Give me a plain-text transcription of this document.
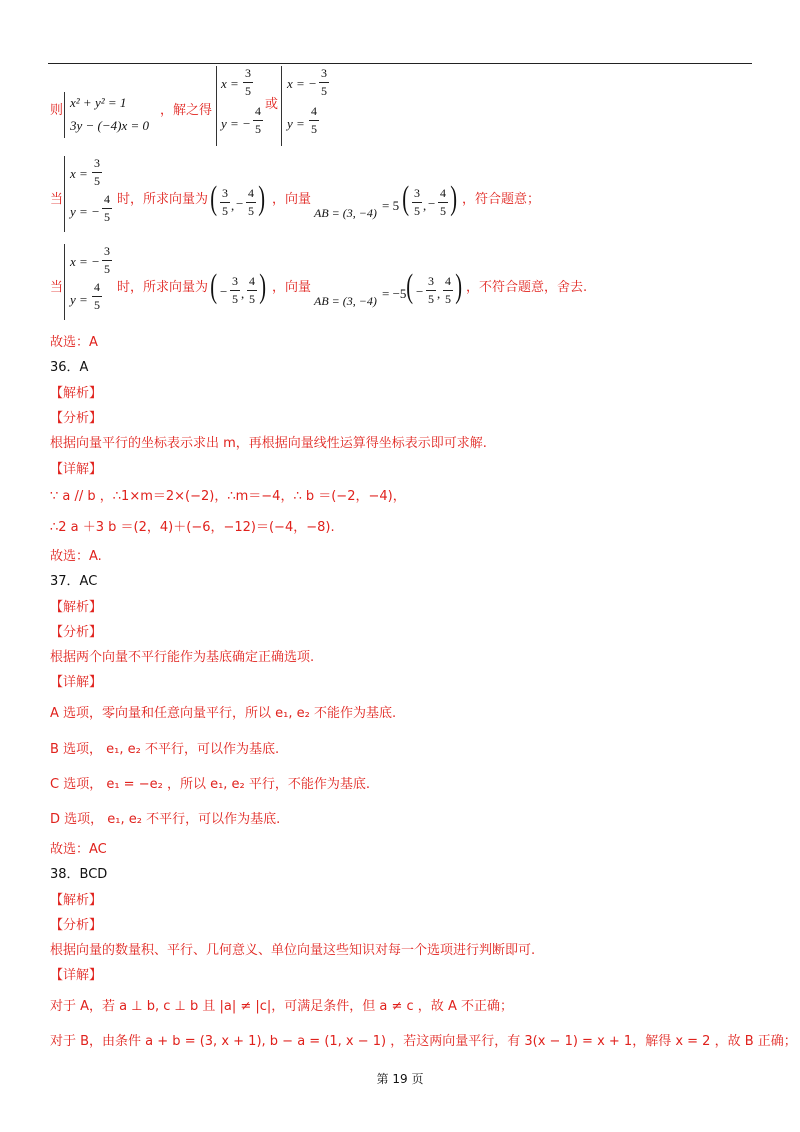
则
x² + y² = 1
3y − (−4)x = 0
，解之得
x =
3
5
y = −
4
5
或
x = −
3
5
y =
4
5
当
x =
3
5
y = −
4
5
时，所求向量为 ( 3
5 , −
4
5 ) ，向量
AB = (3, −4) = 5 ( 3
5 , −
4
5 ) ，符合题意；
当
x = −
3
5
y =
4
5
时，所求向量为 ( −
3
5 ,
4
5 ) ，向量
AB = (3, −4) = −5 ( −
3
5 ,
4
5 ) ，不符合题意，舍去.
故选：A
36．A
【解析】
【分析】
根据向量平行的坐标表示求出 m，再根据向量线性运算得坐标表示即可求解.
【详解】
∵ a // b ，∴1×m＝2×(−2)，∴m＝−4，∴ b ＝(−2，−4)，
∴2 a ＋3 b ＝(2，4)＋(−6，−12)＝(−4，−8).
故选：A.
37．AC
【解析】
【分析】
根据两个向量不平行能作为基底确定正确选项.
【详解】
A 选项，零向量和任意向量平行，所以 e₁, e₂ 不能作为基底.
B 选项， e₁, e₂ 不平行，可以作为基底.
C 选项， e₁ = −e₂ ，所以 e₁, e₂ 平行，不能作为基底.
D 选项， e₁, e₂ 不平行，可以作为基底.
故选：AC
38．BCD
【解析】
【分析】
根据向量的数量积、平行、几何意义、单位向量这些知识对每一个选项进行判断即可.
【详解】
对于 A，若 a ⊥ b, c ⊥ b 且 |a| ≠ |c|，可满足条件，但 a ≠ c ，故 A 不正确；
对于 B，由条件 a + b = (3, x + 1), b − a = (1, x − 1) ，若这两向量平行，有 3(x − 1) = x + 1，解得 x = 2 ，故 B 正确；
第 19 页
